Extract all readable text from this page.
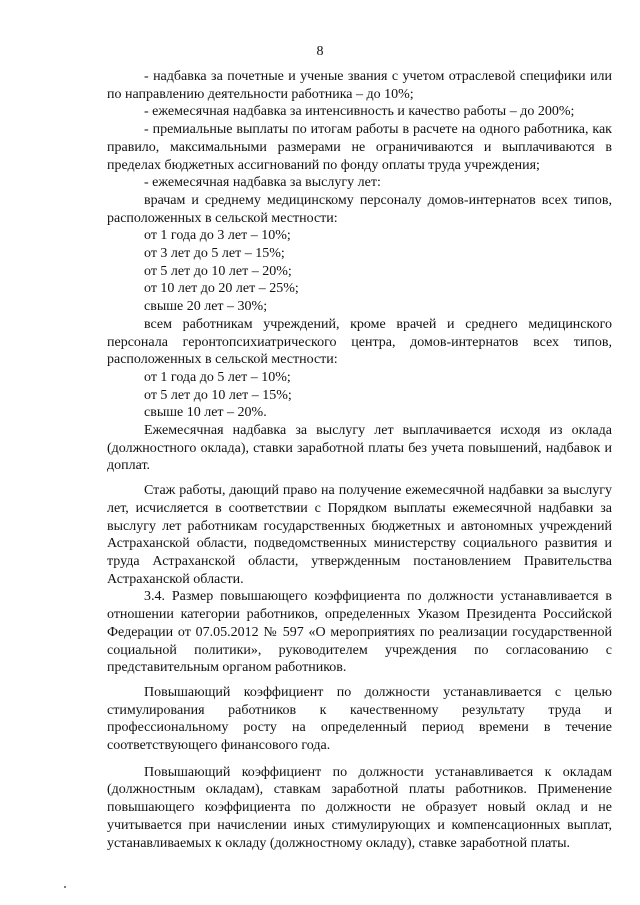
8

- надбавка за почетные и ученые звания с учетом отраслевой специфики или по направлению деятельности работника – до 10%;

- ежемесячная надбавка за интенсивность и качество работы – до 200%;

- премиальные выплаты по итогам работы в расчете на одного работника, как правило, максимальными размерами не ограничиваются и выплачиваются в пределах бюджетных ассигнований по фонду оплаты труда учреждения;

- ежемесячная надбавка за выслугу лет:

врачам и среднему медицинскому персоналу домов-интернатов всех типов, расположенных в сельской местности:

от 1 года до 3 лет – 10%;

от 3 лет до 5 лет – 15%;

от 5 лет до 10 лет – 20%;

от 10 лет до 20 лет – 25%;

свыше 20 лет – 30%;

всем работникам учреждений, кроме врачей и среднего медицинского персонала геронтопсихиатрического центра, домов-интернатов всех типов, расположенных в сельской местности:

от 1 года до 5 лет – 10%;

от 5 лет до 10 лет – 15%;

свыше 10 лет – 20%.

Ежемесячная надбавка за выслугу лет выплачивается исходя из оклада (должностного оклада), ставки заработной платы без учета повышений, надбавок и доплат.

Стаж работы, дающий право на получение ежемесячной надбавки за выслугу лет, исчисляется в соответствии с Порядком выплаты ежемесячной надбавки за выслугу лет работникам государственных бюджетных и автономных учреждений Астраханской области, подведомственных министерству социального развития и труда Астраханской области, утвержденным постановлением Правительства Астраханской области.

3.4. Размер повышающего коэффициента по должности устанавливается в отношении категории работников, определенных Указом Президента Российской Федерации от 07.05.2012 № 597 «О мероприятиях по реализации государственной социальной политики», руководителем учреждения по согласованию с представительным органом работников.

Повышающий коэффициент по должности устанавливается с целью стимулирования работников к качественному результату труда и профессиональному росту на определенный период времени в течение соответствующего финансового года.

Повышающий коэффициент по должности устанавливается к окладам (должностным окладам), ставкам заработной платы работников. Применение повышающего коэффициента по должности не образует новый оклад и не учитывается при начислении иных стимулирующих и компенсационных выплат, устанавливаемых к окладу (должностному окладу), ставке заработной платы.
